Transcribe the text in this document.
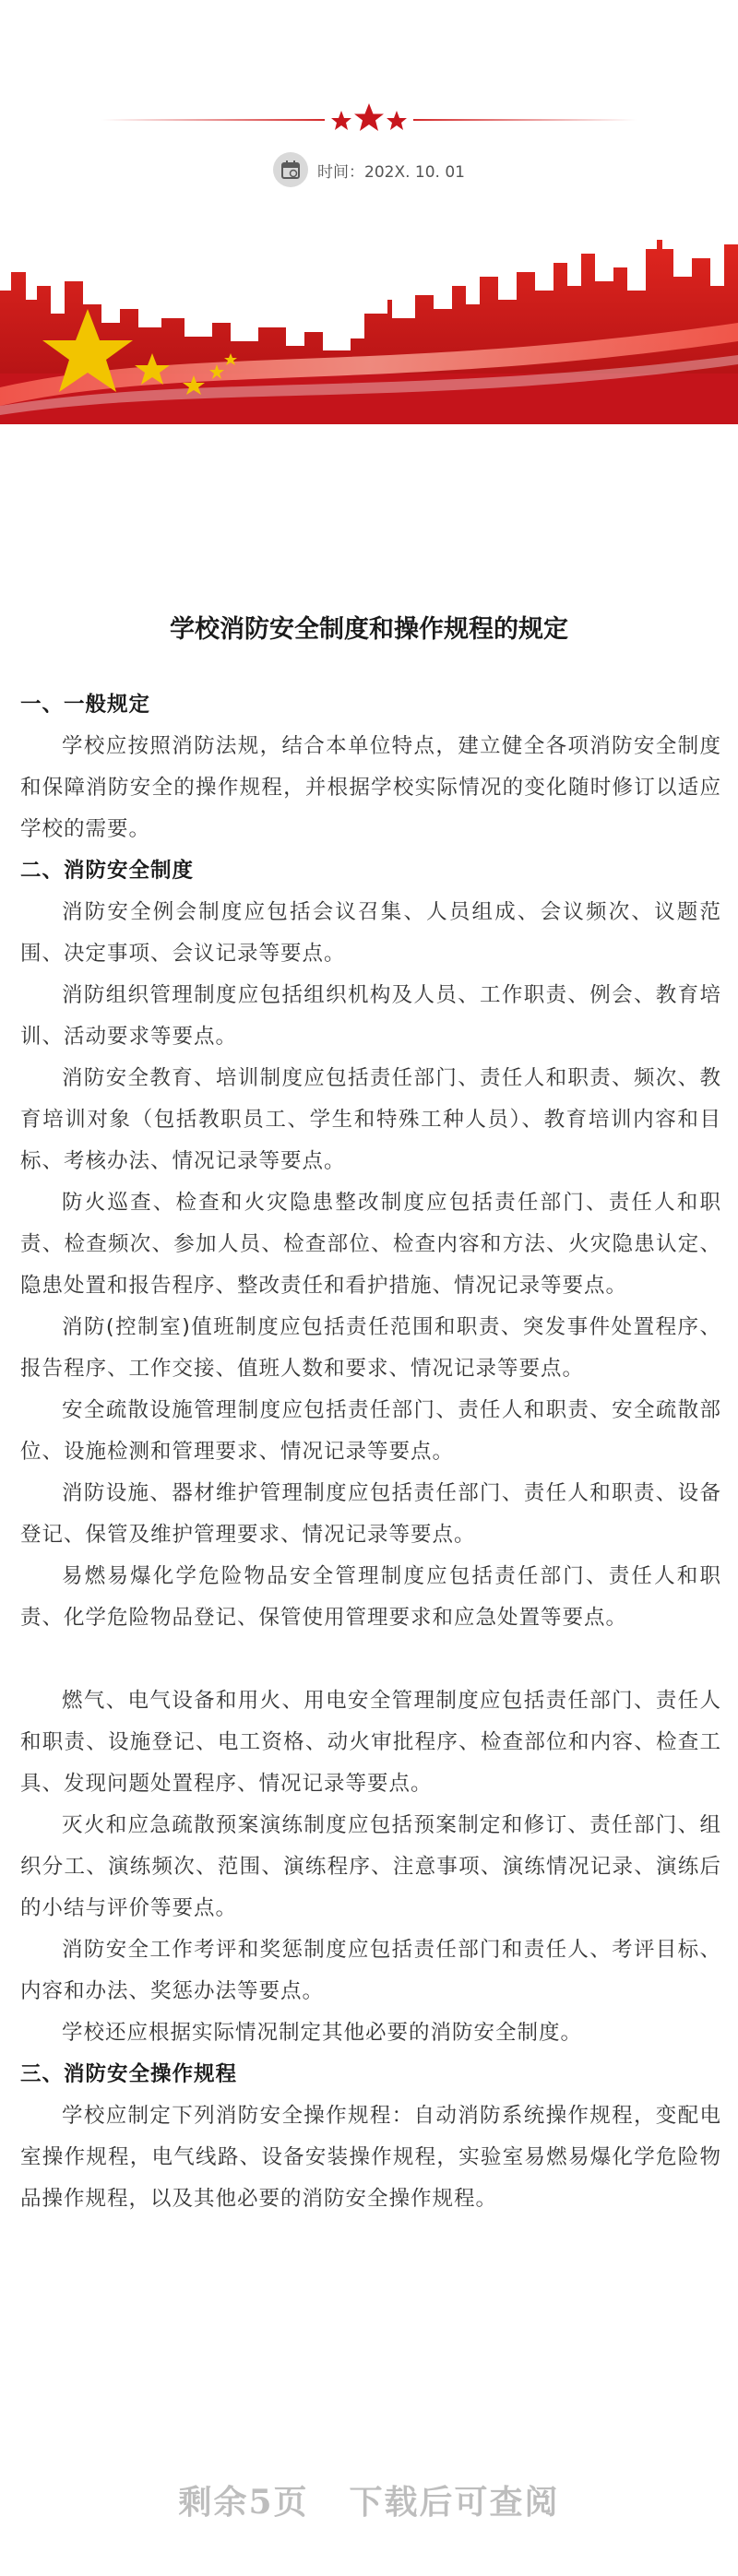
时间：202X. 10. 01
学校消防安全制度和操作规程的规定
一、一般规定

学校应按照消防法规，结合本单位特点，建立健全各项消防安全制度和保障消防安全的操作规程，并根据学校实际情况的变化随时修订以适应学校的需要。

二、消防安全制度

消防安全例会制度应包括会议召集、人员组成、会议频次、议题范围、决定事项、会议记录等要点。

消防组织管理制度应包括组织机构及人员、工作职责、例会、教育培训、活动要求等要点。

消防安全教育、培训制度应包括责任部门、责任人和职责、频次、教育培训对象（包括教职员工、学生和特殊工种人员）、教育培训内容和目标、考核办法、情况记录等要点。

防火巡查、检查和火灾隐患整改制度应包括责任部门、责任人和职责、检查频次、参加人员、检查部位、检查内容和方法、火灾隐患认定、隐患处置和报告程序、整改责任和看护措施、情况记录等要点。

消防(控制室)值班制度应包括责任范围和职责、突发事件处置程序、报告程序、工作交接、值班人数和要求、情况记录等要点。

安全疏散设施管理制度应包括责任部门、责任人和职责、安全疏散部位、设施检测和管理要求、情况记录等要点。

消防设施、器材维护管理制度应包括责任部门、责任人和职责、设备登记、保管及维护管理要求、情况记录等要点。

易燃易爆化学危险物品安全管理制度应包括责任部门、责任人和职责、化学危险物品登记、保管使用管理要求和应急处置等要点。

燃气、电气设备和用火、用电安全管理制度应包括责任部门、责任人和职责、设施登记、电工资格、动火审批程序、检查部位和内容、检查工具、发现问题处置程序、情况记录等要点。

灭火和应急疏散预案演练制度应包括预案制定和修订、责任部门、组织分工、演练频次、范围、演练程序、注意事项、演练情况记录、演练后的小结与评价等要点。

消防安全工作考评和奖惩制度应包括责任部门和责任人、考评目标、内容和办法、奖惩办法等要点。

学校还应根据实际情况制定其他必要的消防安全制度。

三、消防安全操作规程

学校应制定下列消防安全操作规程：自动消防系统操作规程，变配电室操作规程，电气线路、设备安装操作规程，实验室易燃易爆化学危险物品操作规程，以及其他必要的消防安全操作规程。

剩余5页 下载后可查阅
